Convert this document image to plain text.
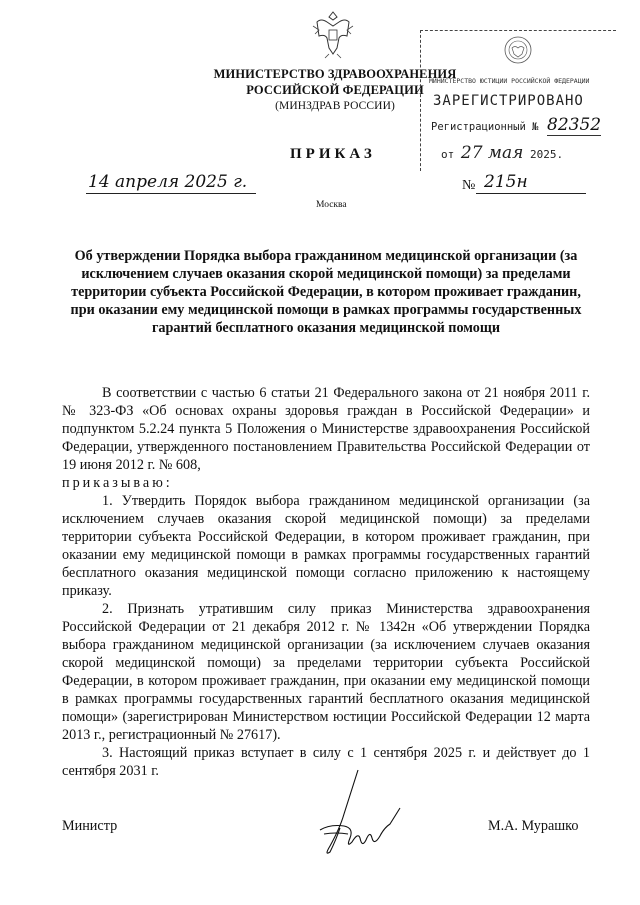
МИНИСТЕРСТВО ЗДРАВООХРАНЕНИЯ
РОССИЙСКОЙ ФЕДЕРАЦИИ
(МИНЗДРАВ РОССИИ)
МИНИСТЕРСТВО ЮСТИЦИИ РОССИЙСКОЙ ФЕДЕРАЦИИ
ЗАРЕГИСТРИРОВАНО
Регистрационный № 82352
от 27 мая 2025.
ПРИКАЗ
14 апреля 2025 г.	№ 215н
Москва
Об утверждении Порядка выбора гражданином медицинской организации (за исключением случаев оказания скорой медицинской помощи) за пределами территории субъекта Российской Федерации, в котором проживает гражданин, при оказании ему медицинской помощи в рамках программы государственных гарантий бесплатного оказания медицинской помощи

В соответствии с частью 6 статьи 21 Федерального закона от 21 ноября 2011 г. № 323-ФЗ «Об основах охраны здоровья граждан в Российской Федерации» и подпунктом 5.2.24 пункта 5 Положения о Министерстве здравоохранения Российской Федерации, утвержденного постановлением Правительства Российской Федерации от 19 июня 2012 г. № 608,

приказываю:

1. Утвердить Порядок выбора гражданином медицинской организации (за исключением случаев оказания скорой медицинской помощи) за пределами территории субъекта Российской Федерации, в котором проживает гражданин, при оказании ему медицинской помощи в рамках программы государственных гарантий бесплатного оказания медицинской помощи согласно приложению к настоящему приказу.

2. Признать утратившим силу приказ Министерства здравоохранения Российской Федерации от 21 декабря 2012 г. № 1342н «Об утверждении Порядка выбора гражданином медицинской организации (за исключением случаев оказания скорой медицинской помощи) за пределами территории субъекта Российской Федерации, в котором проживает гражданин, при оказании ему медицинской помощи в рамках программы государственных гарантий бесплатного оказания медицинской помощи» (зарегистрирован Министерством юстиции Российской Федерации 12 марта 2013 г., регистрационный № 27617).

3. Настоящий приказ вступает в силу с 1 сентября 2025 г. и действует до 1 сентября 2031 г.

Министр	М.А. Мурашко
